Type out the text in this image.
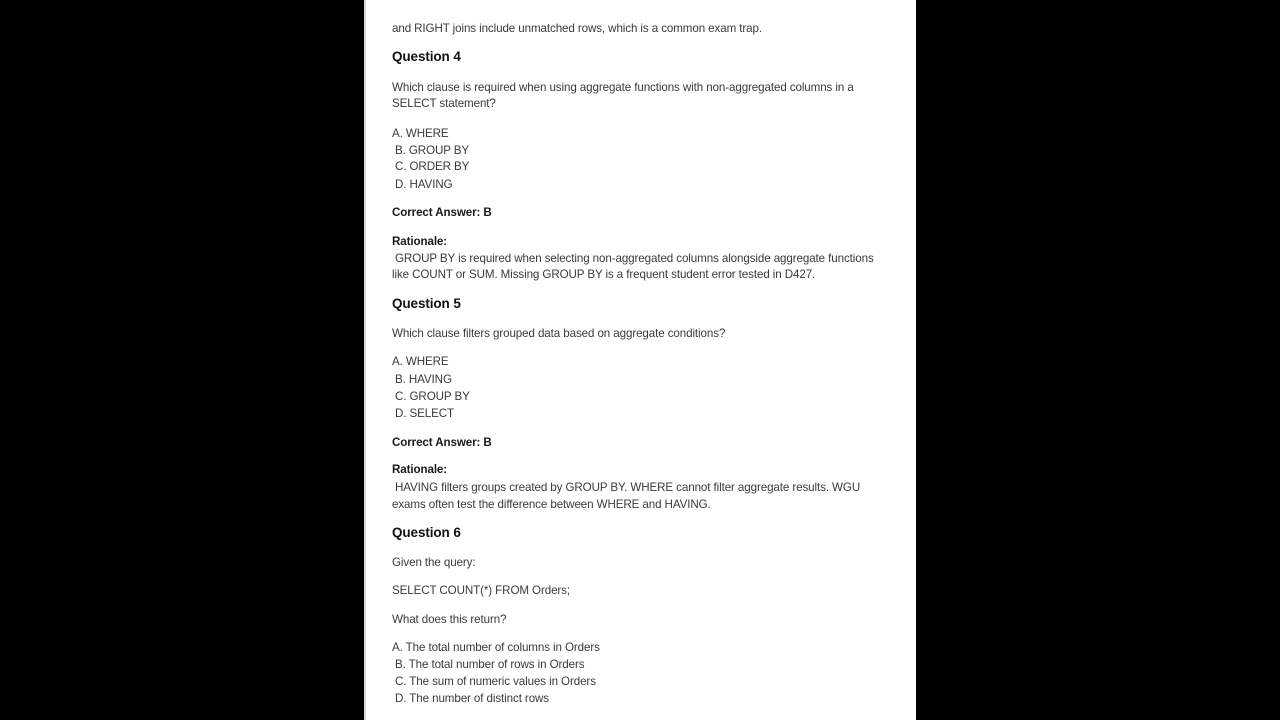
and RIGHT joins include unmatched rows, which is a common exam trap.
Question 4
Which clause is required when using aggregate functions with non-aggregated columns in a
SELECT statement?
A. WHERE
B. GROUP BY
C. ORDER BY
D. HAVING
Correct Answer: B
Rationale:
GROUP BY is required when selecting non-aggregated columns alongside aggregate functions
like COUNT or SUM. Missing GROUP BY is a frequent student error tested in D427.
Question 5
Which clause filters grouped data based on aggregate conditions?
A. WHERE
B. HAVING
C. GROUP BY
D. SELECT
Correct Answer: B
Rationale:
HAVING filters groups created by GROUP BY. WHERE cannot filter aggregate results. WGU
exams often test the difference between WHERE and HAVING.
Question 6
Given the query:
SELECT COUNT(*) FROM Orders;
What does this return?
A. The total number of columns in Orders
B. The total number of rows in Orders
C. The sum of numeric values in Orders
D. The number of distinct rows
